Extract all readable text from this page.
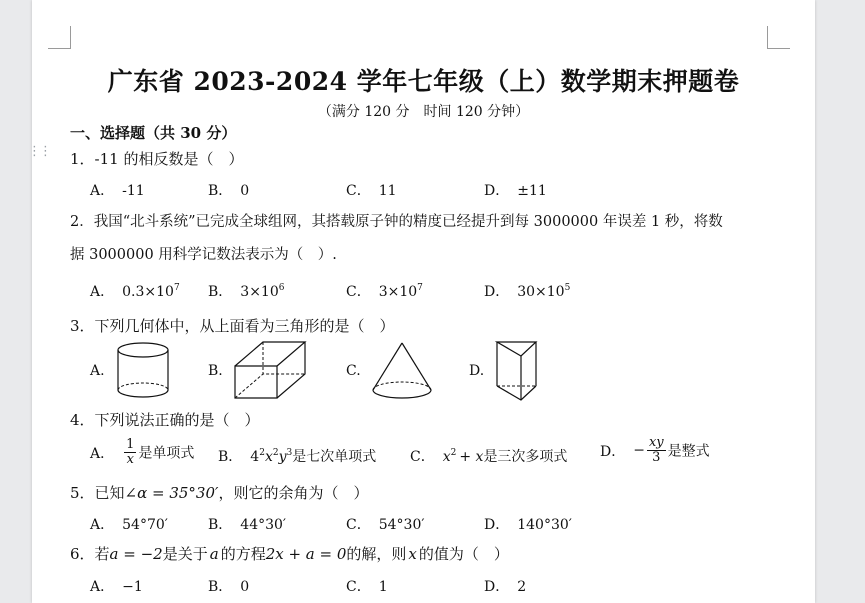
⋮⋮
广东省 2023-2024 学年七年级（上）数学期末押题卷
（满分 120 分　时间 120 分钟）
一、选择题（共 30 分）
1．-11 的相反数是（　）
A． -11	B． 0	C． 11	D． ±11
2．我国“北斗系统”已完成全球组网，其搭载原子钟的精度已经提升到每 3000000 年误差 1 秒，将数
据 3000000 用科学记数法表示为（　）.
A． $0.3\times 10^7$ B． $3\times 10^6$	C． $3\times 10^7$	D． $30\times 10^5$
3．下列几何体中，从上面看为三角形的是（　）
A.	B.	C.	D.
4．下列说法正确的是（　）
A． $\frac{1}{x}$ 是单项式 B． $4^2x^2y^3$是七次单项式 C． $x^2 + x$是三次多项式 D． − $\frac{xy}{3}$ 是整式
5．已知∠α = 35°30′，则它的余角为（　）
A． 54°70′	B． 44°30′	C． 54°30′	D． 140°30′
6．若a = −2是关于 a 的方程2x + a = 0的解，则 x 的值为（　）
A． −1	B． 0	C． 1	D． 2
